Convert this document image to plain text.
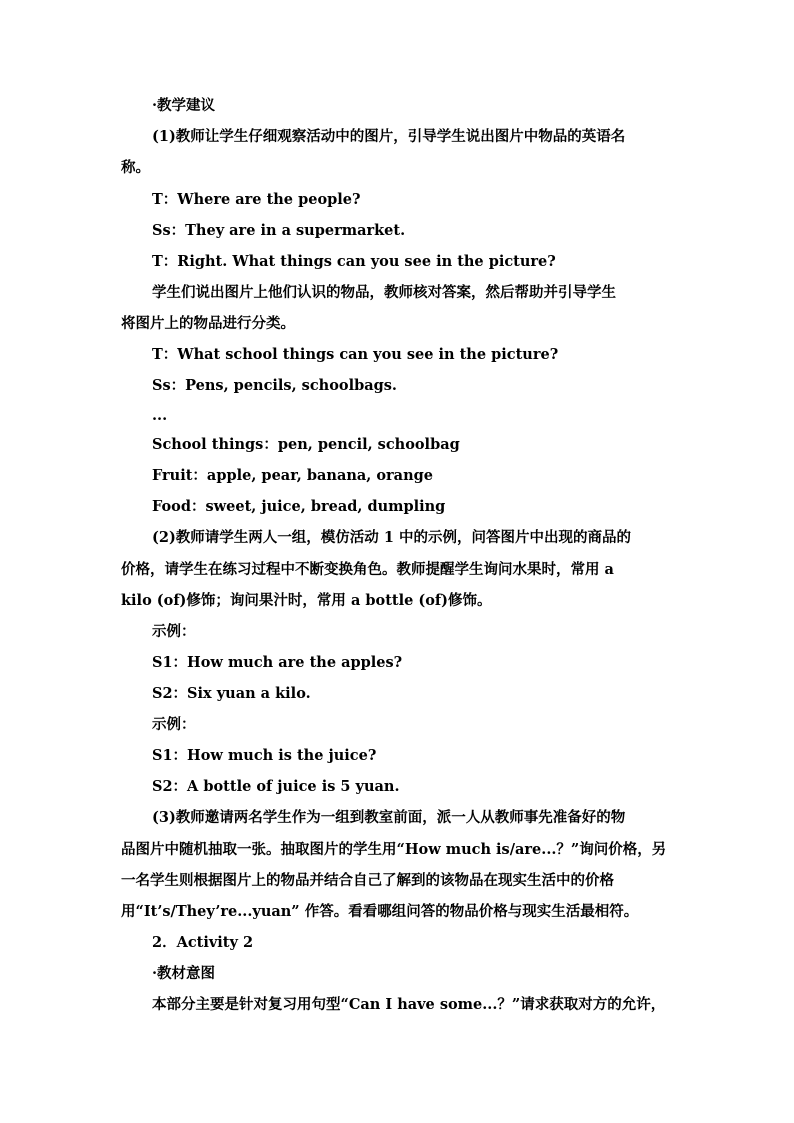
·教学建议
(1)教师让学生仔细观察活动中的图片，引导学生说出图片中物品的英语名
称。
T：Where are the people?
Ss：They are in a supermarket.
T：Right. What things can you see in the picture?
学生们说出图片上他们认识的物品，教师核对答案，然后帮助并引导学生
将图片上的物品进行分类。
T：What school things can you see in the picture?
Ss：Pens, pencils, schoolbags.
...
School things：pen, pencil, schoolbag
Fruit：apple, pear, banana, orange
Food：sweet, juice, bread, dumpling
(2)教师请学生两人一组，模仿活动 1 中的示例，问答图片中出现的商品的
价格，请学生在练习过程中不断变换角色。教师提醒学生询问水果时，常用 a
kilo (of)修饰；询问果汁时，常用 a bottle (of)修饰。
示例：
S1：How much are the apples?
S2：Six yuan a kilo.
示例：
S1：How much is the juice?
S2：A bottle of juice is 5 yuan.
(3)教师邀请两名学生作为一组到教室前面，派一人从教师事先准备好的物
品图片中随机抽取一张。抽取图片的学生用“How much is/are...？”询问价格，另
一名学生则根据图片上的物品并结合自己了解到的该物品在现实生活中的价格
用“It’s/They’re...yuan” 作答。看看哪组问答的物品价格与现实生活最相符。
2．Activity 2
·教材意图
本部分主要是针对复习用句型“Can I have some...？”请求获取对方的允许，
